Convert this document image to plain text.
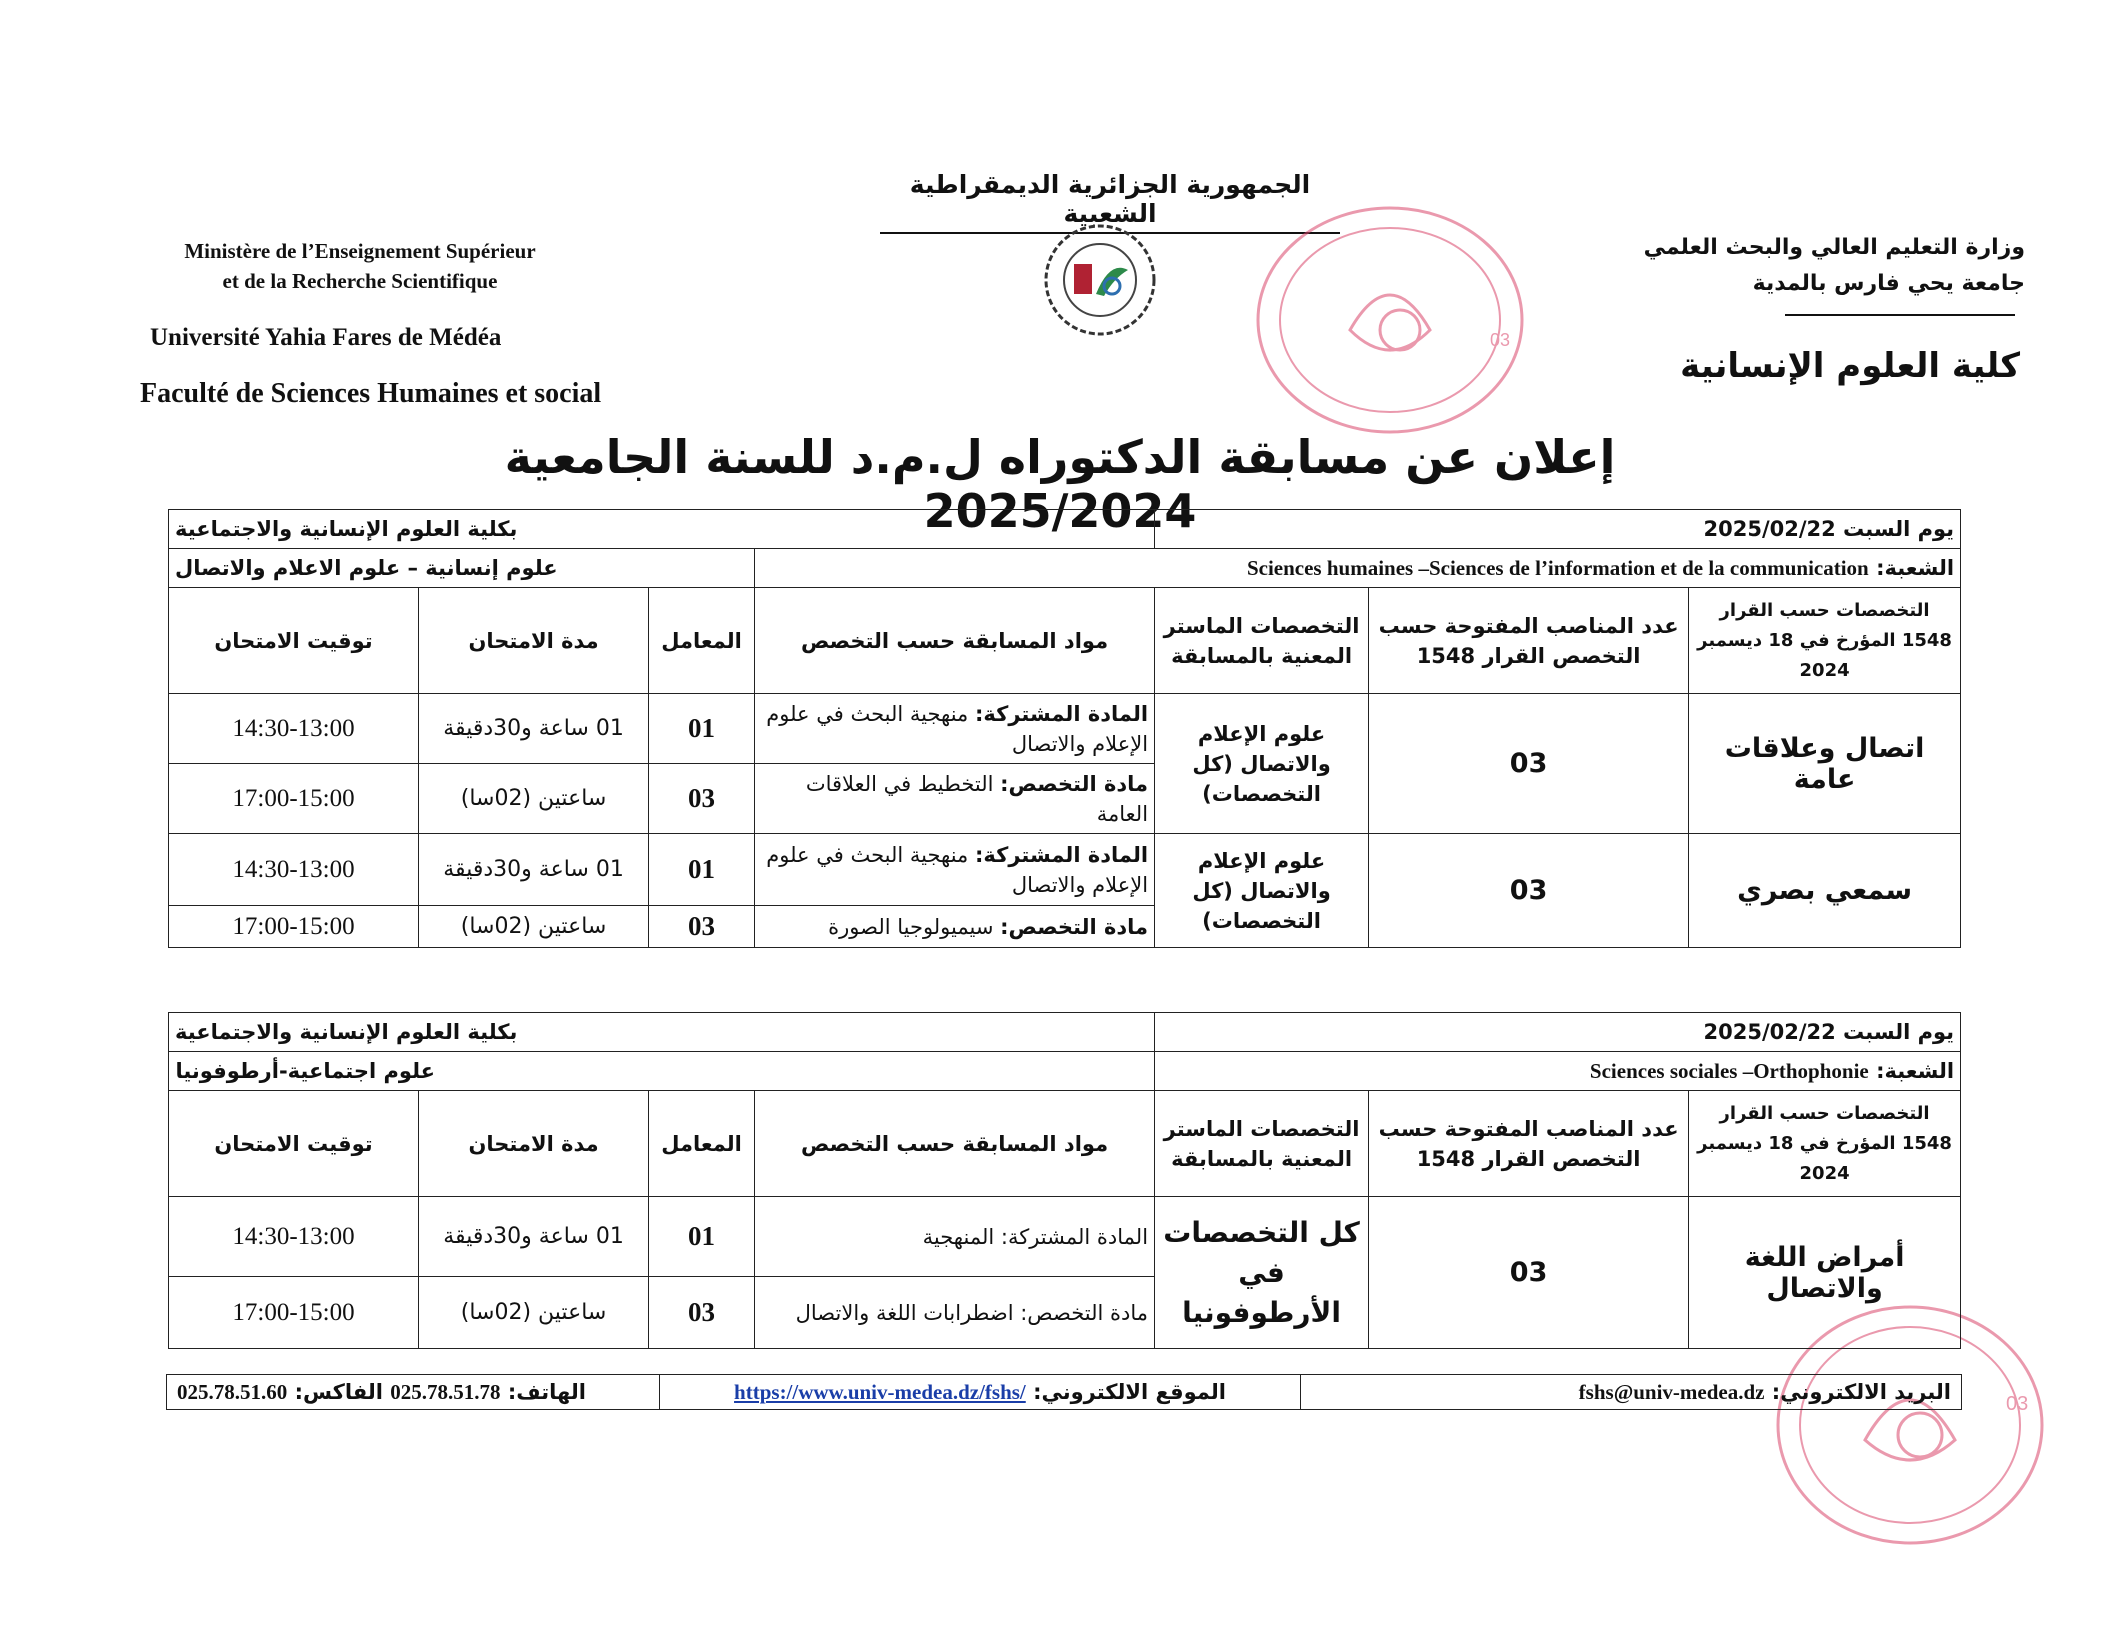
الجمهورية الجزائرية الديمقراطية الشعبية
Ministère de l’Enseignement Supérieur
et de la Recherche Scientifique
Université Yahia Fares de Médéa
Faculté de Sciences Humaines et social
وزارة التعليم العالي والبحث العلمي
جامعة يحي فارس بالمدية
كلية العلوم الإنسانية
03
03
إعلان عن مسابقة الدكتوراه ل.م.د للسنة الجامعية 2025/2024	يوم السبت 2025/02/22			بكلية العلوم الإنسانية والاجتماعية			
الشعبة: Sciences humaines –Sciences de l’information et de la communication				علوم إنسانية – علوم الاعلام والاتصال		
التخصصات حسب القرار 1548 المؤرخ في 18 ديسمبر 2024	عدد المناصب المفتوحة حسب التخصص القرار 1548	التخصصات الماستر المعنية بالمسابقة	مواد المسابقة حسب التخصص	المعامل	مدة الامتحان	توقيت الامتحان
اتصال وعلاقات عامة	03	علوم الإعلام والاتصال (كل التخصصات)	المادة المشتركة: منهجية البحث في علوم الإعلام والاتصال	01	01 ساعة و30دقيقة	14:30-13:00
			مادة التخصص: التخطيط في العلاقات العامة	03	ساعتين (02سا)	17:00-15:00
سمعي بصري	03	علوم الإعلام والاتصال (كل التخصصات)	المادة المشتركة: منهجية البحث في علوم الإعلام والاتصال	01	01 ساعة و30دقيقة	14:30-13:00
			مادة التخصص: سيميولوجيا الصورة	03	ساعتين (02سا)	17:00-15:00
يوم السبت 2025/02/22			بكلية العلوم الإنسانية والاجتماعية			
الشعبة: Sciences sociales –Orthophonie			علوم اجتماعية-أرطوفونيا			
التخصصات حسب القرار 1548 المؤرخ في 18 ديسمبر 2024	عدد المناصب المفتوحة حسب التخصص القرار 1548	التخصصات الماستر المعنية بالمسابقة	مواد المسابقة حسب التخصص	المعامل	مدة الامتحان	توقيت الامتحان
أمراض اللغة والاتصال	03	كل التخصصات في الأرطوفونيا	المادة المشتركة: المنهجية	01	01 ساعة و30دقيقة	14:30-13:00
			مادة التخصص: اضطرابات اللغة والاتصال	03	ساعتين (02سا)	17:00-15:00
البريد الالكتروني: fshs@univ-medea.dz	الموقع الالكتروني: https://www.univ-medea.dz/fshs/	الهاتف: 025.78.51.78 الفاكس: 025.78.51.60
